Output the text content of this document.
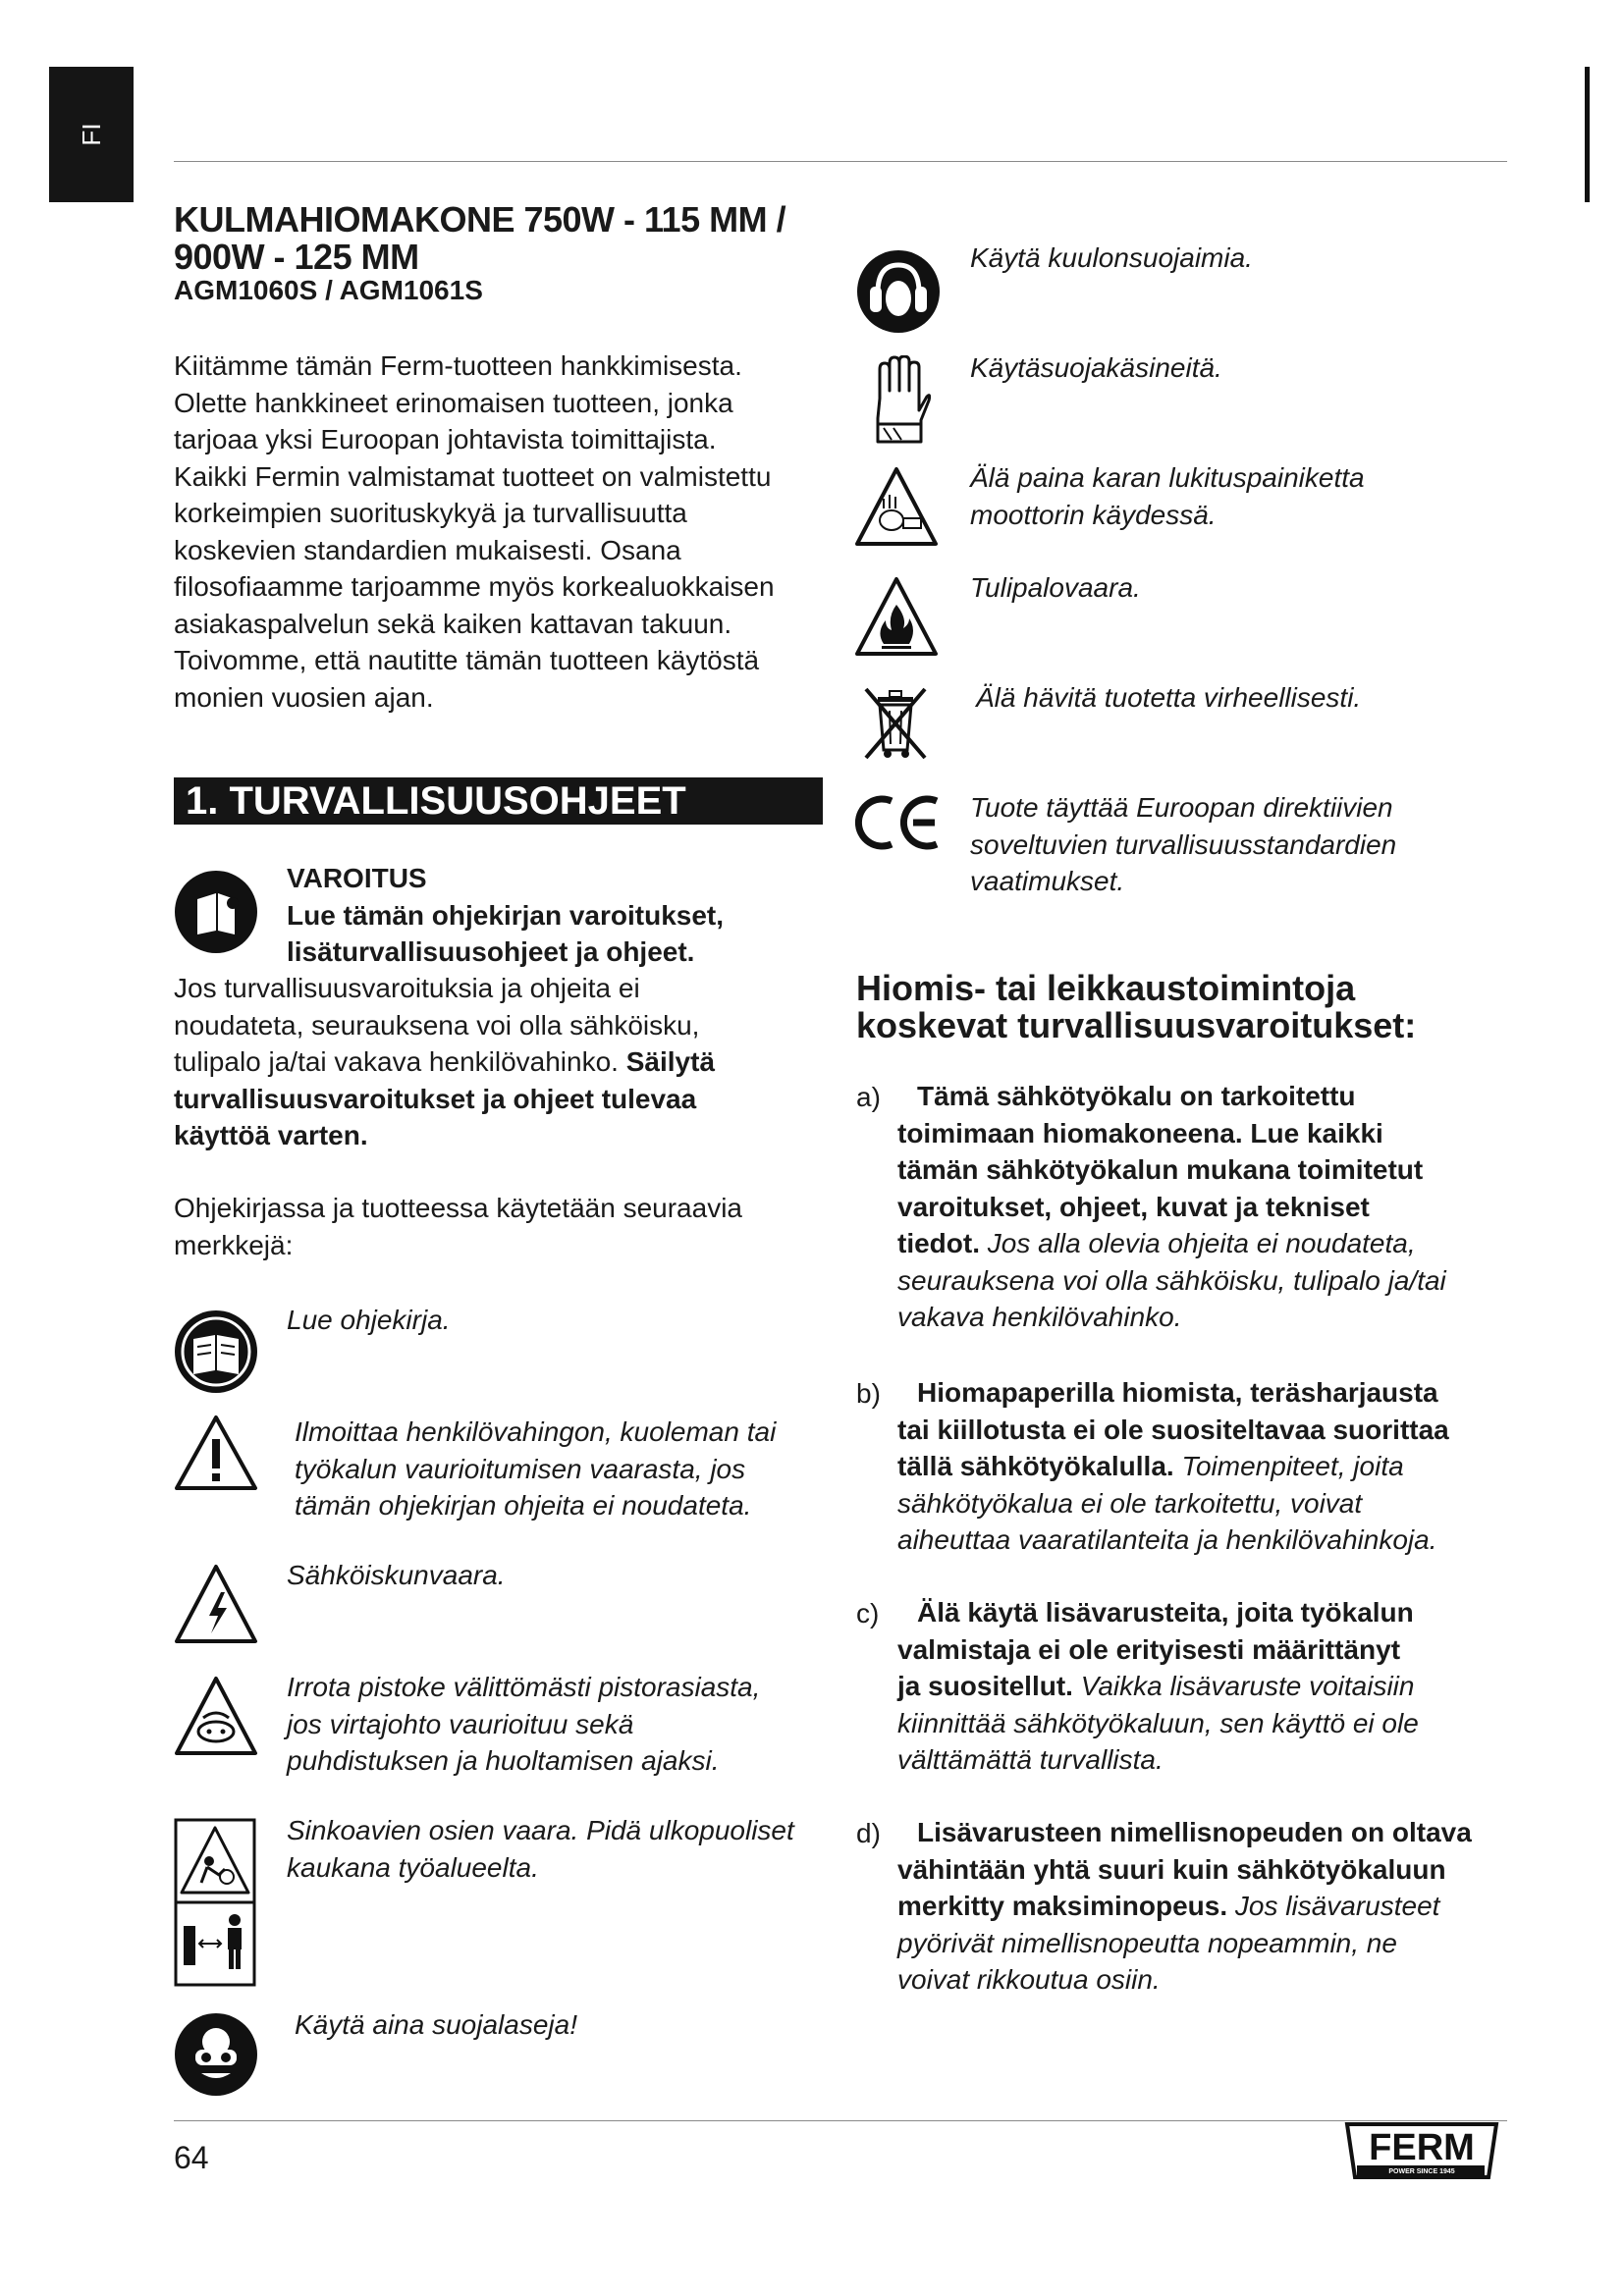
FI
KULMAHIOMAKONE 750W - 115 MM /
900W - 125 MM
AGM1060S / AGM1061S
Kiitämme tämän Ferm-tuotteen hankkimisesta.
Olette hankkineet erinomaisen tuotteen, jonka
tarjoaa yksi Euroopan johtavista toimittajista.
Kaikki Fermin valmistamat tuotteet on valmistettu
korkeimpien suorituskykyä ja turvallisuutta
koskevien standardien mukaisesti. Osana
filosofiaamme tarjoamme myös korkealuokkaisen
asiakaspalvelun sekä kaiken kattavan takuun.
Toivomme, että nautitte tämän tuotteen käytöstä
monien vuosien ajan.
1. TURVALLISUUSOHJEET
VAROITUS
Lue tämän ohjekirjan varoitukset,
lisäturvallisuusohjeet ja ohjeet.
Jos turvallisuusvaroituksia ja ohjeita ei
noudateta, seurauksena voi olla sähköisku,
tulipalo ja/tai vakava henkilövahinko. Säilytä
turvallisuusvaroitukset ja ohjeet tulevaa
käyttöä varten.
Ohjekirjassa ja tuotteessa käytetään seuraavia
merkkejä:
Lue ohjekirja.
Ilmoittaa henkilövahingon, kuoleman tai
työkalun vaurioitumisen vaarasta, jos
tämän ohjekirjan ohjeita ei noudateta.
Sähköiskunvaara.
Irrota pistoke välittömästi pistorasiasta,
jos virtajohto vaurioituu sekä
puhdistuksen ja huoltamisen ajaksi.
Sinkoavien osien vaara. Pidä ulkopuoliset
kaukana työalueelta.
Käytä aina suojalaseja!
Käytä kuulonsuojaimia.
Käytäsuojakäsineitä.
Älä paina karan lukituspainiketta
moottorin käydessä.
Tulipalovaara.
Älä hävitä tuotetta virheellisesti.
Tuote täyttää Euroopan direktiivien
soveltuvien turvallisuusstandardien
vaatimukset.
Hiomis- tai leikkaustoimintoja
koskevat turvallisuusvaroitukset:
a)	Tämä sähkötyökalu on tarkoitettu
toimimaan hiomakoneena. Lue kaikki
tämän sähkötyökalun mukana toimitetut
varoitukset, ohjeet, kuvat ja tekniset
tiedot. Jos alla olevia ohjeita ei noudateta,
seurauksena voi olla sähköisku, tulipalo ja/tai
vakava henkilövahinko.
b)	Hiomapaperilla hiomista, teräsharjausta
tai kiillotusta ei ole suositeltavaa suorittaa
tällä sähkötyökalulla. Toimenpiteet, joita
sähkötyökalua ei ole tarkoitettu, voivat
aiheuttaa vaaratilanteita ja henkilövahinkoja.
c)	Älä käytä lisävarusteita, joita työkalun
valmistaja ei ole erityisesti määrittänyt
ja suositellut. Vaikka lisävaruste voitaisiin
kiinnittää sähkötyökaluun, sen käyttö ei ole
välttämättä turvallista.
d)	Lisävarusteen nimellisnopeuden on oltava
vähintään yhtä suuri kuin sähkötyökaluun
merkitty maksiminopeus. Jos lisävarusteet
pyörivät nimellisnopeutta nopeammin, ne
voivat rikkoutua osiin.
64	FERM
POWER SINCE 1945
